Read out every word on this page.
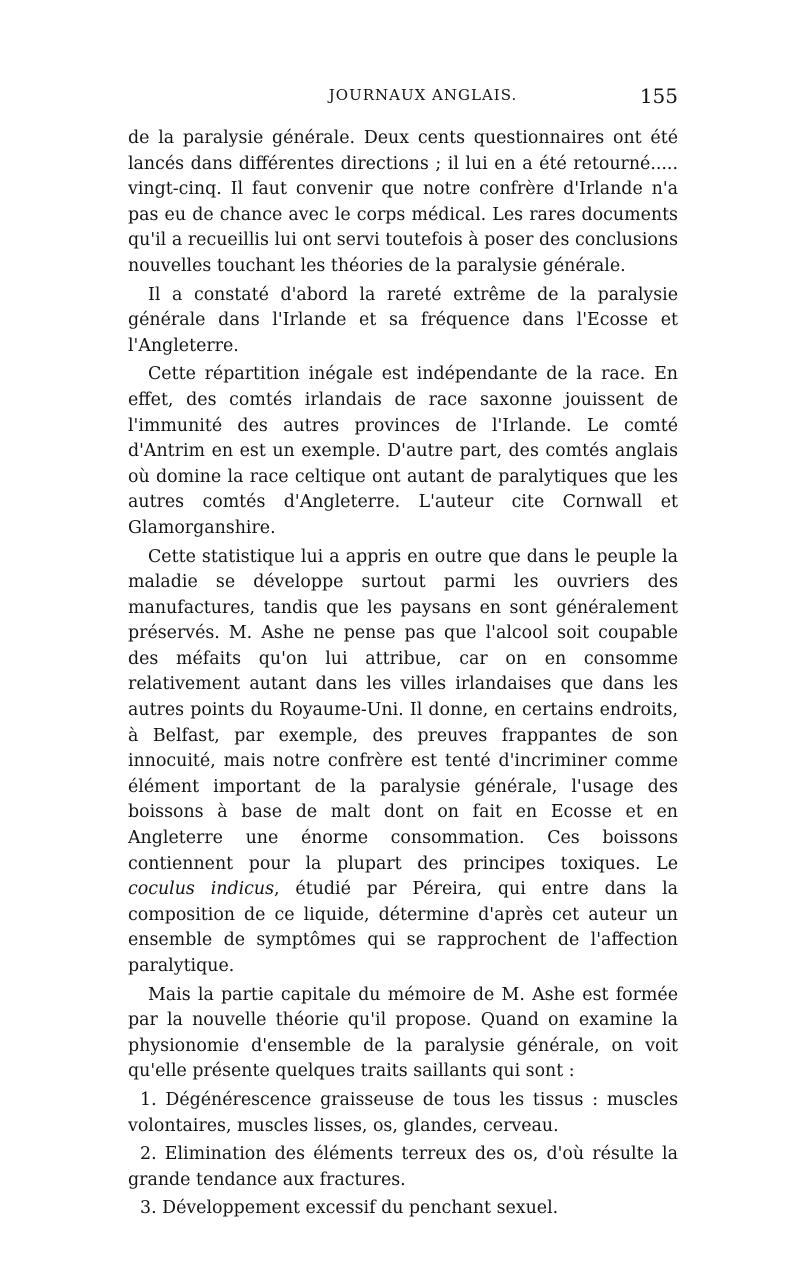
JOURNAUX ANGLAIS.	155

de la paralysie générale. Deux cents questionnaires ont été lancés dans différentes directions ; il lui en a été retourné..... vingt-cinq. Il faut convenir que notre confrère d'Irlande n'a pas eu de chance avec le corps médical. Les rares documents qu'il a recueillis lui ont servi toutefois à poser des conclusions nouvelles touchant les théories de la paralysie générale.

Il a constaté d'abord la rareté extrême de la paralysie générale dans l'Irlande et sa fréquence dans l'Ecosse et l'Angleterre.

Cette répartition inégale est indépendante de la race. En effet, des comtés irlandais de race saxonne jouissent de l'immunité des autres provinces de l'Irlande. Le comté d'Antrim en est un exemple. D'autre part, des comtés anglais où domine la race celtique ont autant de paralytiques que les autres comtés d'Angleterre. L'auteur cite Cornwall et Glamorganshire.

Cette statistique lui a appris en outre que dans le peuple la maladie se développe surtout parmi les ouvriers des manufactures, tandis que les paysans en sont généralement préservés. M. Ashe ne pense pas que l'alcool soit coupable des méfaits qu'on lui attribue, car on en consomme relativement autant dans les villes irlandaises que dans les autres points du Royaume-Uni. Il donne, en certains endroits, à Belfast, par exemple, des preuves frappantes de son innocuité, mais notre confrère est tenté d'incriminer comme élément important de la paralysie générale, l'usage des boissons à base de malt dont on fait en Ecosse et en Angleterre une énorme consommation. Ces boissons contiennent pour la plupart des principes toxiques. Le coculus indicus, étudié par Péreira, qui entre dans la composition de ce liquide, détermine d'après cet auteur un ensemble de symptômes qui se rapprochent de l'affection paralytique.

Mais la partie capitale du mémoire de M. Ashe est formée par la nouvelle théorie qu'il propose. Quand on examine la physionomie d'ensemble de la paralysie générale, on voit qu'elle présente quelques traits saillants qui sont :

1. Dégénérescence graisseuse de tous les tissus : muscles volontaires, muscles lisses, os, glandes, cerveau.

2. Elimination des éléments terreux des os, d'où résulte la grande tendance aux fractures.

3. Développement excessif du penchant sexuel.
